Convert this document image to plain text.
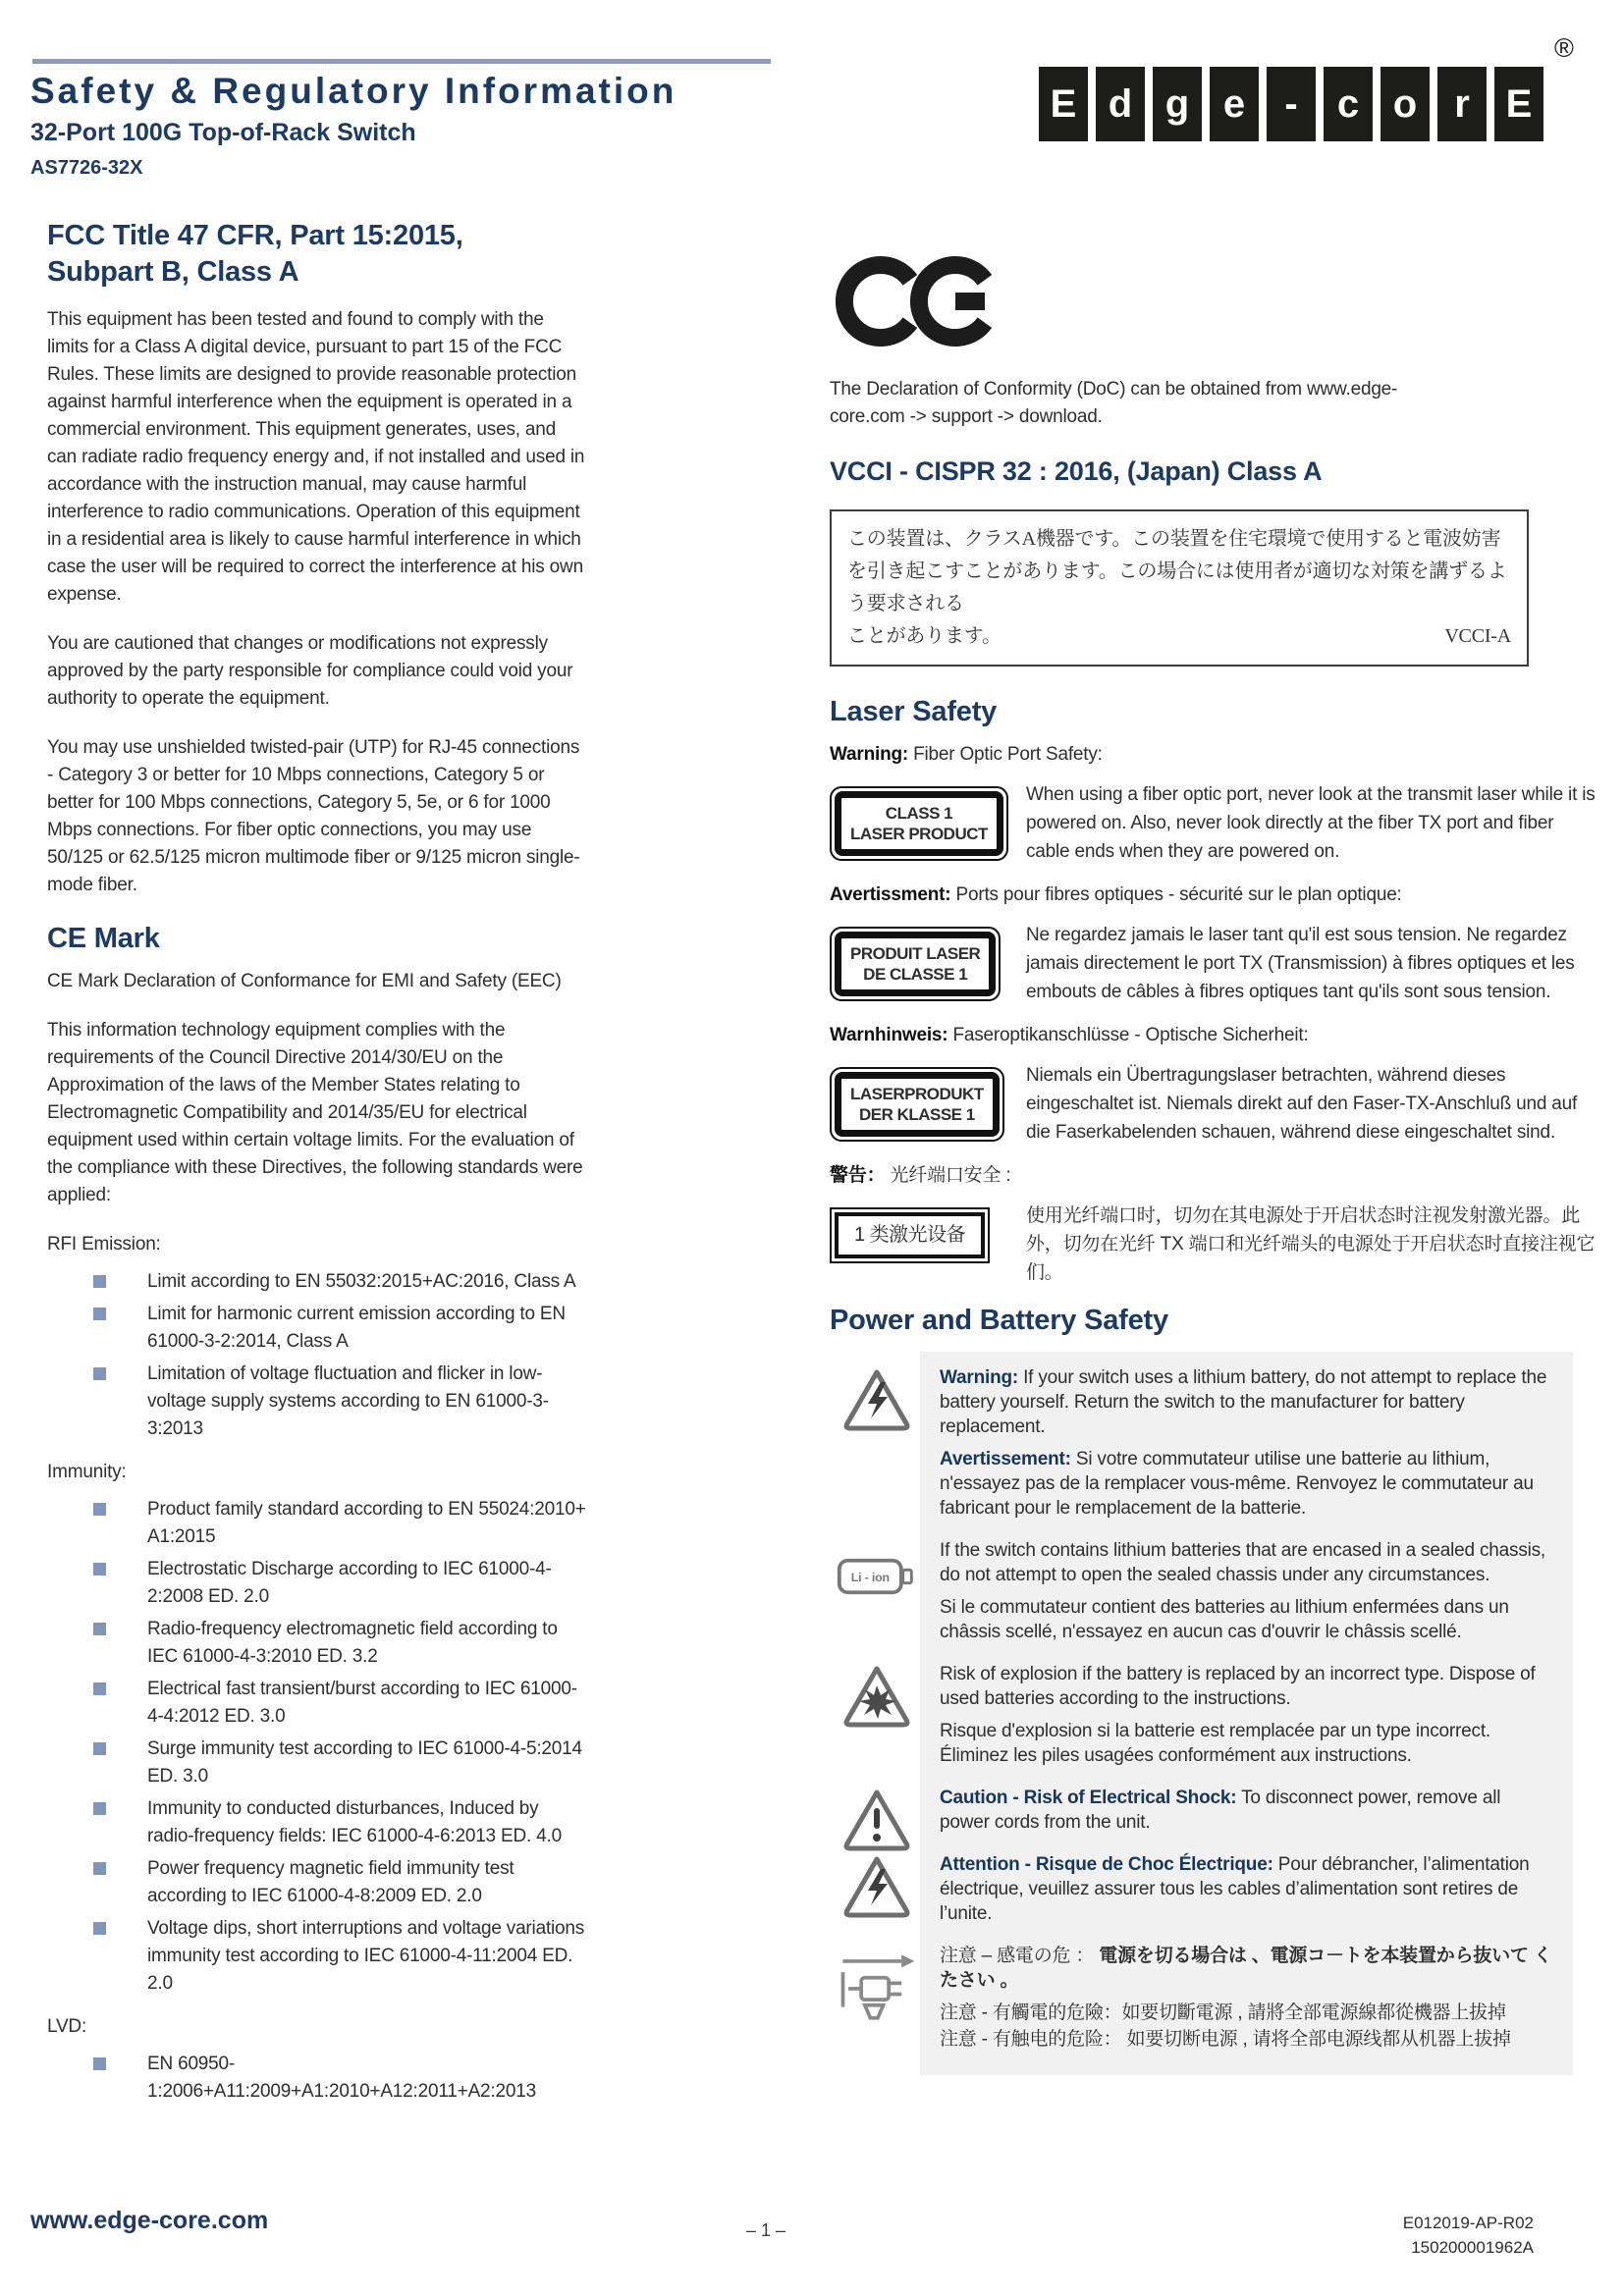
Safety & Regulatory Information
32-Port 100G Top-of-Rack Switch
AS7726-32X
E d g e	-	c o r E
®
FCC Title 47 CFR, Part 15:2015, Subpart B, Class A

This equipment has been tested and found to comply with the limits for a Class A digital device, pursuant to part 15 of the FCC Rules. These limits are designed to provide reasonable protection against harmful interference when the equipment is operated in a commercial environment. This equipment generates, uses, and can radiate radio frequency energy and, if not installed and used in accordance with the instruction manual, may cause harmful interference to radio communications. Operation of this equipment in a residential area is likely to cause harmful interference in which case the user will be required to correct the interference at his own expense.

You are cautioned that changes or modifications not expressly approved by the party responsible for compliance could void your authority to operate the equipment.

You may use unshielded twisted-pair (UTP) for RJ-45 connections - Category 3 or better for 10 Mbps connections, Category 5 or better for 100 Mbps connections, Category 5, 5e, or 6 for 1000 Mbps connections. For fiber optic connections, you may use 50/125 or 62.5/125 micron multimode fiber or 9/125 micron single-mode fiber.

CE Mark

CE Mark Declaration of Conformance for EMI and Safety (EEC)

This information technology equipment complies with the requirements of the Council Directive 2014/30/EU on the Approximation of the laws of the Member States relating to Electromagnetic Compatibility and 2014/35/EU for electrical equipment used within certain voltage limits. For the evaluation of the compliance with these Directives, the following standards were applied:

RFI Emission:

Limit according to EN 55032:2015+AC:2016, Class A
Limit for harmonic current emission according to EN 61000-3-2:2014, Class A
Limitation of voltage fluctuation and flicker in low-voltage supply systems according to EN 61000-3-3:2013

Immunity:

Product family standard according to EN 55024:2010+ A1:2015
Electrostatic Discharge according to IEC 61000-4-2:2008 ED. 2.0
Radio-frequency electromagnetic field according to IEC 61000-4-3:2010 ED. 3.2
Electrical fast transient/burst according to IEC 61000-4-4:2012 ED. 3.0
Surge immunity test according to IEC 61000-4-5:2014 ED. 3.0
Immunity to conducted disturbances, Induced by radio-frequency fields: IEC 61000-4-6:2013 ED. 4.0
Power frequency magnetic field immunity test according to IEC 61000-4-8:2009 ED. 2.0
Voltage dips, short interruptions and voltage variations immunity test according to IEC 61000-4-11:2004 ED. 2.0

LVD:

EN 60950-1:2006+A11:2009+A1:2010+A12:2011+A2:2013

The Declaration of Conformity (DoC) can be obtained from www.edge-core.com -> support -> download.

VCCI - CISPR 32 : 2016, (Japan) Class A
この装置は、クラスA機器です。この装置を住宅環境で使用すると電波妨害を引き起こすことがあります。この場合には使用者が適切な対策を講ずるよう要求される
ことがあります。	VCCI-A
Laser Safety

Warning: Fiber Optic Port Safety:

CLASS 1
LASER PRODUCT
When using a fiber optic port, never look at the transmit laser while it is powered on. Also, never look directly at the fiber TX port and fiber cable ends when they are powered on.

Avertissment: Ports pour fibres optiques - sécurité sur le plan optique:

PRODUIT LASER
DE CLASSE 1
Ne regardez jamais le laser tant qu'il est sous tension. Ne regardez jamais directement le port TX (Transmission) à fibres optiques et les embouts de câbles à fibres optiques tant qu'ils sont sous tension.

Warnhinweis: Faseroptikanschlüsse - Optische Sicherheit:

LASERPRODUKT
DER KLASSE 1
Niemals ein Übertragungslaser betrachten, während dieses eingeschaltet ist. Niemals direkt auf den Faser-TX-Anschluß und auf die Faserkabelenden schauen, während diese eingeschaltet sind.

警告： 光纤端口安全 :

1 类激光设备
使用光纤端口时，切勿在其电源处于开启状态时注视发射激光器。此外，切勿在光纤 TX 端口和光纤端头的电源处于开启状态时直接注视它们。
Power and Battery Safety

Warning: If your switch uses a lithium battery, do not attempt to replace the battery yourself. Return the switch to the manufacturer for battery replacement.

Avertissement: Si votre commutateur utilise une batterie au lithium, n'essayez pas de la remplacer vous-même. Renvoyez le commutateur au fabricant pour le remplacement de la batterie.

Li - ion

If the switch contains lithium batteries that are encased in a sealed chassis, do not attempt to open the sealed chassis under any circumstances.

Si le commutateur contient des batteries au lithium enfermées dans un châssis scellé, n'essayez en aucun cas d'ouvrir le châssis scellé.

Risk of explosion if the battery is replaced by an incorrect type. Dispose of used batteries according to the instructions.

Risque d'explosion si la batterie est remplacée par un type incorrect. Éliminez les piles usagées conformément aux instructions.

Caution - Risk of Electrical Shock: To disconnect power, remove all power cords from the unit.

Attention - Risque de Choc Électrique: Pour débrancher, l’alimentation électrique, veuillez assurer tous les cables d’alimentation sont retires de l’unite.

注意 – 感電の危 ： 電源を切る場合は 、電源コ－トを本装置から抜いて くたさい 。

注意 - 有觸電的危險：如要切斷電源 , 請將全部電源線都從機器上拔掉

注意 - 有触电的危险： 如要切断电源 , 请将全部电源线都从机器上拔掉

www.edge-core.com	– 1 –	E012019-AP-R02
150200001962A
